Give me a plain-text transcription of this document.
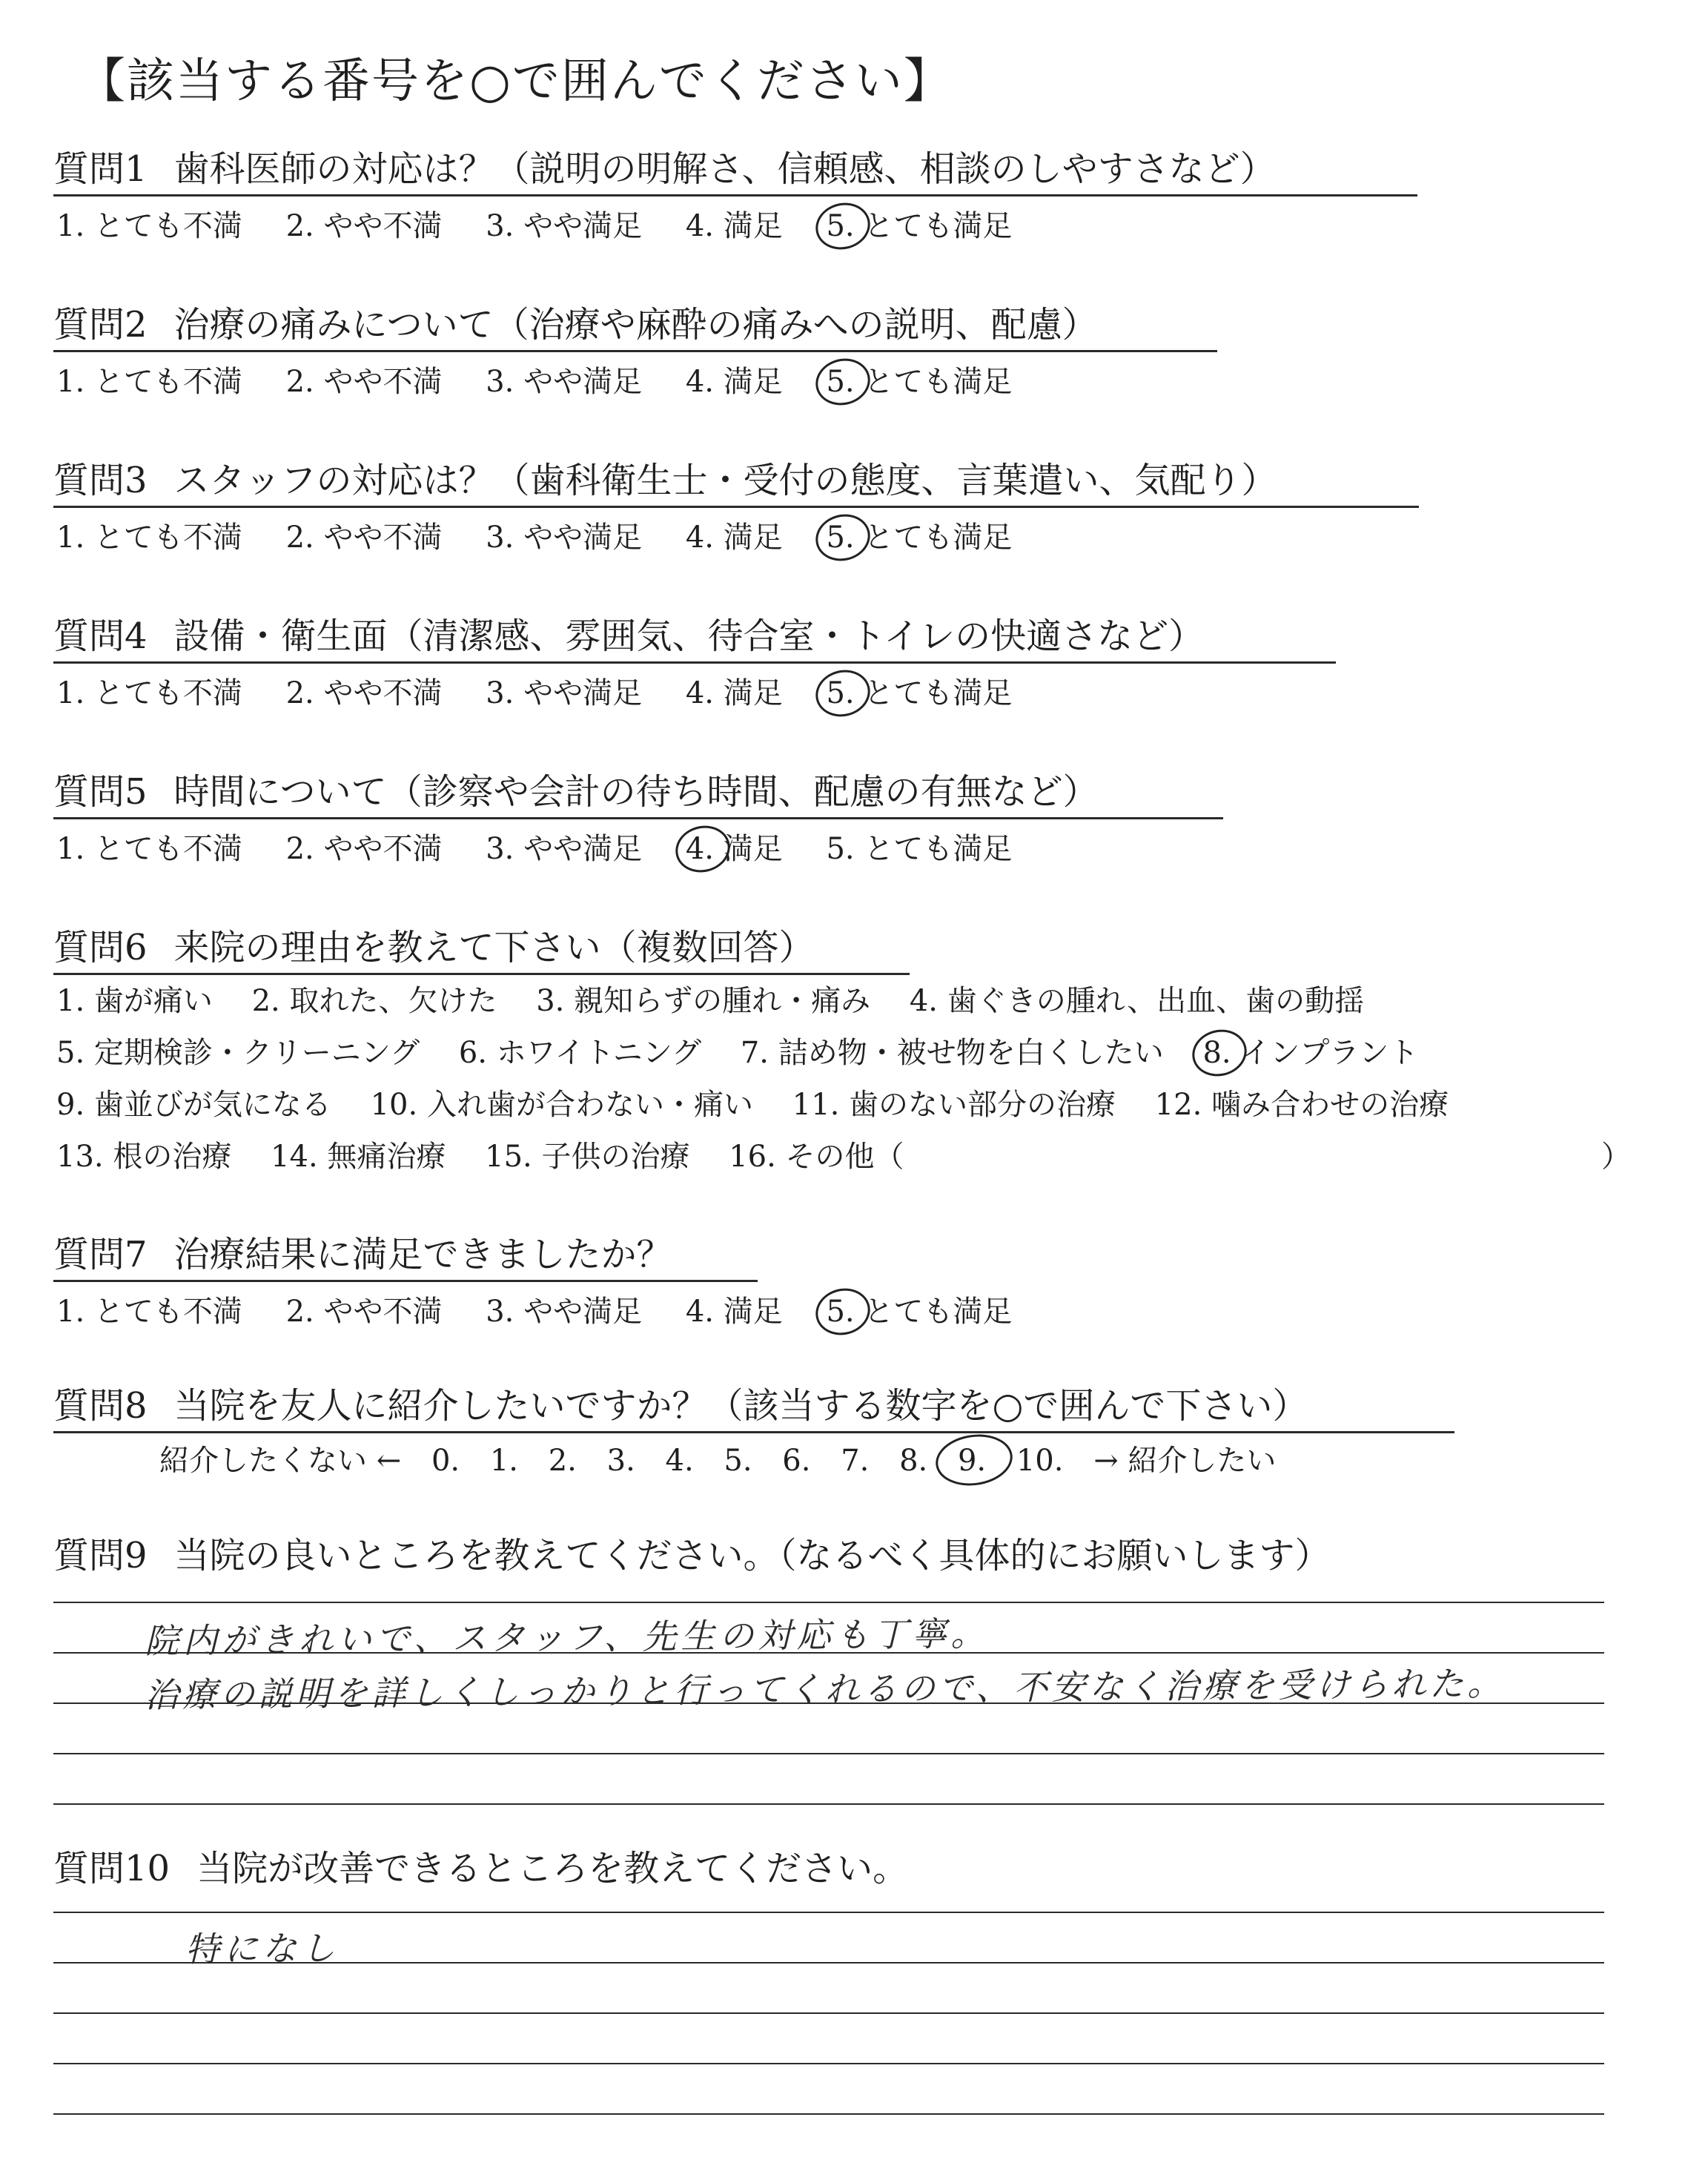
【該当する番号を○で囲んでください】
質問1 歯科医師の対応は？（説明の明解さ、信頼感、相談のしやすさなど）
1. とても不満 2. やや不満 3. やや満足 4. 満足 5. とても満足
質問2 治療の痛みについて（治療や麻酔の痛みへの説明、配慮）
1. とても不満 2. やや不満 3. やや満足 4. 満足 5. とても満足
質問3 スタッフの対応は？（歯科衛生士・受付の態度、言葉遣い、気配り）
1. とても不満 2. やや不満 3. やや満足 4. 満足 5. とても満足
質問4 設備・衛生面（清潔感、雰囲気、待合室・トイレの快適さなど）
1. とても不満 2. やや不満 3. やや満足 4. 満足 5. とても満足
質問5 時間について（診察や会計の待ち時間、配慮の有無など）
1. とても不満 2. やや不満 3. やや満足 4. 満足 5. とても満足
質問6 来院の理由を教えて下さい（複数回答）
1. 歯が痛い 2. 取れた、欠けた 3. 親知らずの腫れ・痛み 4. 歯ぐきの腫れ、出血、歯の動揺
5. 定期検診・クリーニング 6. ホワイトニング 7. 詰め物・被せ物を白くしたい 8. インプラント
9. 歯並びが気になる 10. 入れ歯が合わない・痛い 11. 歯のない部分の治療 12. 噛み合わせの治療
13. 根の治療 14. 無痛治療 15. 子供の治療 16. その他（	）
質問7 治療結果に満足できましたか？
1. とても不満 2. やや不満 3. やや満足 4. 満足 5. とても満足
質問8 当院を友人に紹介したいですか？（該当する数字を○で囲んで下さい）
紹介したくない ← 0. 1. 2. 3. 4. 5. 6. 7. 8. 9. 10. → 紹介したい
質問9 当院の良いところを教えてください。（なるべく具体的にお願いします）
院内がきれいで、スタッフ、先生の対応も丁寧。
治療の説明を詳しくしっかりと行ってくれるので、不安なく治療を受けられた。
質問10 当院が改善できるところを教えてください。
特になし
